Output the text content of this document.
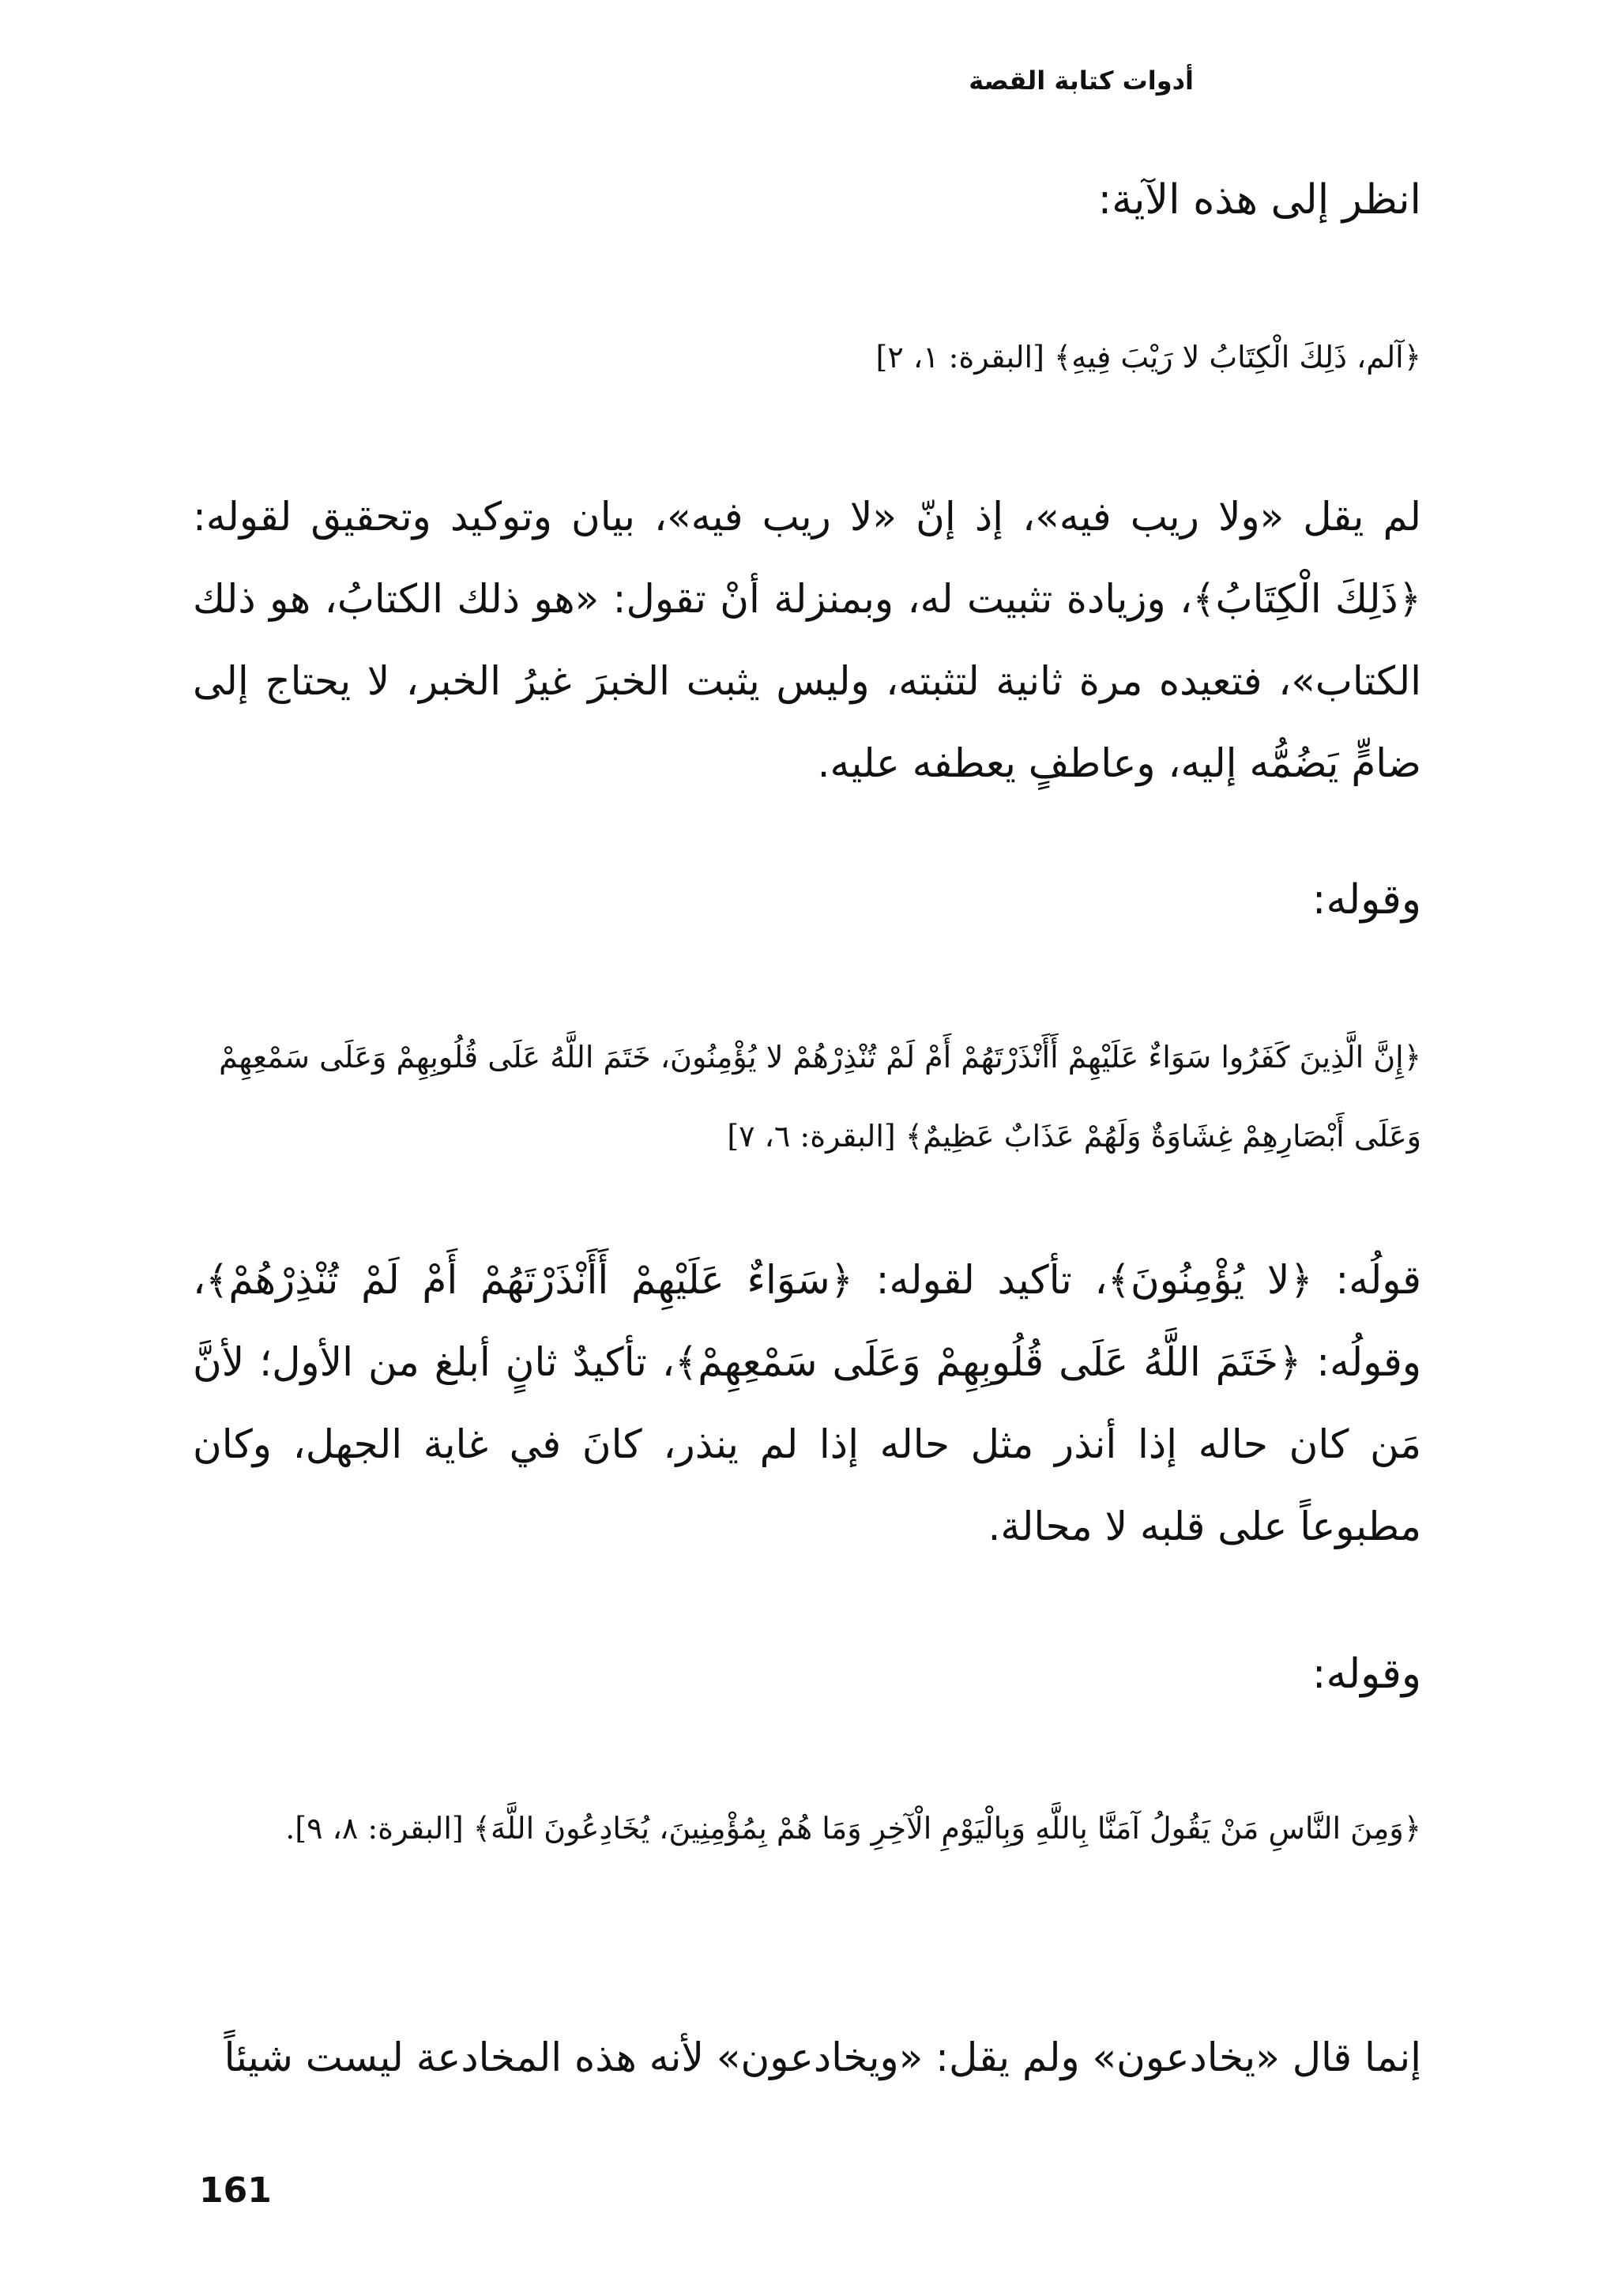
أدوات كتابة القصة
انظر إلى هذه الآية:
﴿آلم، ذَلِكَ الْكِتَابُ لا رَيْبَ فِيهِ﴾ [البقرة: ١، ٢]
لم يقل «ولا ريب فيه»، إذ إنّ «لا ريب فيه»، بيان وتوكيد وتحقيق لقوله: ﴿ذَلِكَ الْكِتَابُ﴾، وزيادة تثبيت له، وبمنزلة أنْ تقول: «هو ذلك الكتابُ، هو ذلك الكتاب»، فتعيده مرة ثانية لتثبته، وليس يثبت الخبرَ غيرُ الخبر، لا يحتاج إلى ضامٍّ يَضُمُّه إليه، وعاطفٍ يعطفه عليه.
وقوله:
﴿إِنَّ الَّذِينَ كَفَرُوا سَوَاءٌ عَلَيْهِمْ أَأَنْذَرْتَهُمْ أَمْ لَمْ تُنْذِرْهُمْ لا يُؤْمِنُونَ، خَتَمَ اللَّهُ عَلَى قُلُوبِهِمْ وَعَلَى سَمْعِهِمْ وَعَلَى أَبْصَارِهِمْ غِشَاوَةٌ وَلَهُمْ عَذَابٌ عَظِيمٌ﴾ [البقرة: ٦، ٧]
قولُه: ﴿لا يُؤْمِنُونَ﴾، تأكيد لقوله: ﴿سَوَاءٌ عَلَيْهِمْ أَأَنْذَرْتَهُمْ أَمْ لَمْ تُنْذِرْهُمْ﴾، وقولُه: ﴿خَتَمَ اللَّهُ عَلَى قُلُوبِهِمْ وَعَلَى سَمْعِهِمْ﴾، تأكيدٌ ثانٍ أبلغ من الأول؛ لأنَّ مَن كان حاله إذا أنذر مثل حاله إذا لم ينذر، كانَ في غاية الجهل، وكان مطبوعاً على قلبه لا محالة.
وقوله:
﴿وَمِنَ النَّاسِ مَنْ يَقُولُ آمَنَّا بِاللَّهِ وَبِالْيَوْمِ الْآخِرِ وَمَا هُمْ بِمُؤْمِنِينَ، يُخَادِعُونَ اللَّهَ﴾ [البقرة: ٨، ٩].
إنما قال «يخادعون» ولم يقل: «ويخادعون» لأنه هذه المخادعة ليست شيئاً
161
